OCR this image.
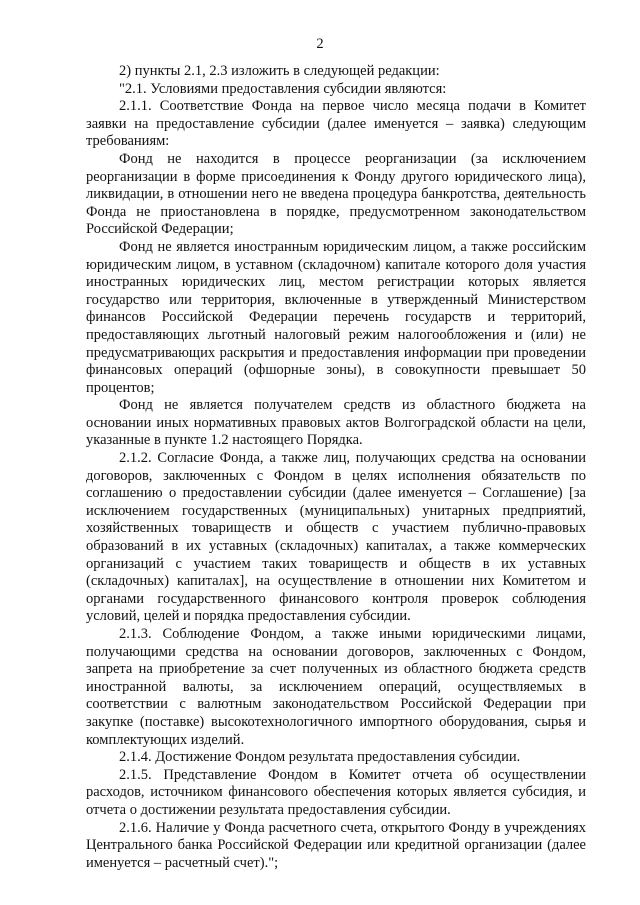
2

2) пункты 2.1, 2.3 изложить в следующей редакции:

"2.1. Условиями предоставления субсидии являются:

2.1.1. Соответствие Фонда на первое число месяца подачи в Комитет заявки на предоставление субсидии (далее именуется – заявка) следующим требованиям:

Фонд не находится в процессе реорганизации (за исключением реорганизации в форме присоединения к Фонду другого юридического лица), ликвидации, в отношении него не введена процедура банкротства, деятельность Фонда не приостановлена в порядке, предусмотренном законодательством Российской Федерации;

Фонд не является иностранным юридическим лицом, а также российским юридическим лицом, в уставном (складочном) капитале которого доля участия иностранных юридических лиц, местом регистрации которых является государство или территория, включенные в утвержденный Министерством финансов Российской Федерации перечень государств и территорий, предоставляющих льготный налоговый режим налогообложения и (или) не предусматривающих раскрытия и предоставления информации при проведении финансовых операций (офшорные зоны), в совокупности превышает 50 процентов;

Фонд не является получателем средств из областного бюджета на основании иных нормативных правовых актов Волгоградской области на цели, указанные в пункте 1.2 настоящего Порядка.

2.1.2. Согласие Фонда, а также лиц, получающих средства на основании договоров, заключенных с Фондом в целях исполнения обязательств по соглашению о предоставлении субсидии (далее именуется – Соглашение) [за исключением государственных (муниципальных) унитарных предприятий, хозяйственных товариществ и обществ с участием публично-правовых образований в их уставных (складочных) капиталах, а также коммерческих организаций с участием таких товариществ и обществ в их уставных (складочных) капиталах], на осуществление в отношении них Комитетом и органами государственного финансового контроля проверок соблюдения условий, целей и порядка предоставления субсидии.

2.1.3. Соблюдение Фондом, а также иными юридическими лицами, получающими средства на основании договоров, заключенных с Фондом, запрета на приобретение за счет полученных из областного бюджета средств иностранной валюты, за исключением операций, осуществляемых в соответствии с валютным законодательством Российской Федерации при закупке (поставке) высокотехнологичного импортного оборудования, сырья и комплектующих изделий.

2.1.4. Достижение Фондом результата предоставления субсидии.

2.1.5. Представление Фондом в Комитет отчета об осуществлении расходов, источником финансового обеспечения которых является субсидия, и отчета о достижении результата предоставления субсидии.

2.1.6. Наличие у Фонда расчетного счета, открытого Фонду в учреждениях Центрального банка Российской Федерации или кредитной организации (далее именуется – расчетный счет).";
